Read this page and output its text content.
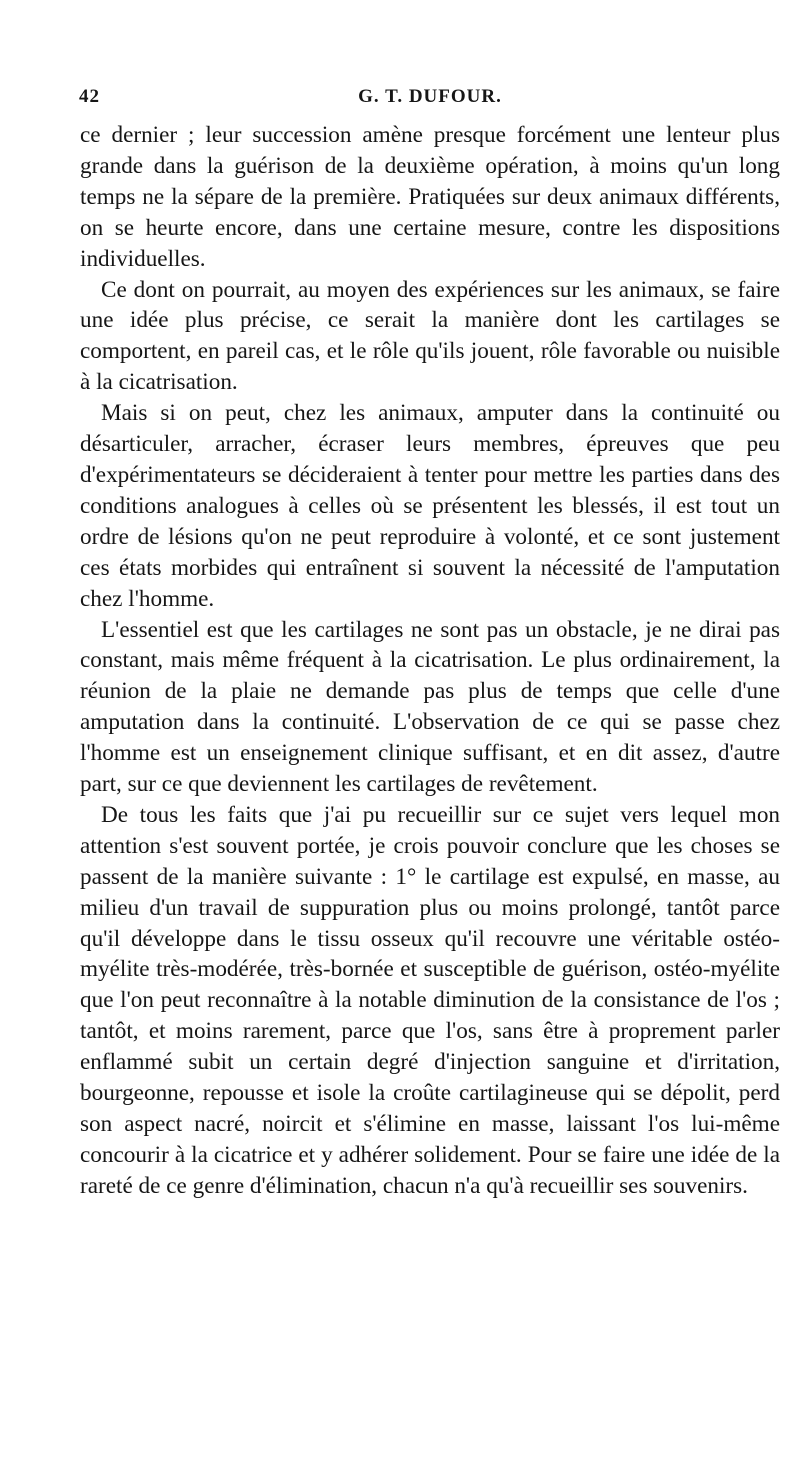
42	G. T. DUFOUR.

ce dernier ; leur succession amène presque forcément une lenteur plus grande dans la guérison de la deuxième opération, à moins qu'un long temps ne la sépare de la première. Pratiquées sur deux animaux différents, on se heurte encore, dans une certaine mesure, contre les dispositions individuelles.

Ce dont on pourrait, au moyen des expériences sur les animaux, se faire une idée plus précise, ce serait la manière dont les cartilages se comportent, en pareil cas, et le rôle qu'ils jouent, rôle favorable ou nuisible à la cicatrisation.

Mais si on peut, chez les animaux, amputer dans la continuité ou désarticuler, arracher, écraser leurs membres, épreuves que peu d'expérimentateurs se décideraient à tenter pour mettre les parties dans des conditions analogues à celles où se présentent les blessés, il est tout un ordre de lésions qu'on ne peut reproduire à volonté, et ce sont justement ces états morbides qui entraînent si souvent la nécessité de l'amputation chez l'homme.

L'essentiel est que les cartilages ne sont pas un obstacle, je ne dirai pas constant, mais même fréquent à la cicatrisation. Le plus ordinairement, la réunion de la plaie ne demande pas plus de temps que celle d'une amputation dans la continuité. L'observation de ce qui se passe chez l'homme est un enseignement clinique suffisant, et en dit assez, d'autre part, sur ce que deviennent les cartilages de revêtement.

De tous les faits que j'ai pu recueillir sur ce sujet vers lequel mon attention s'est souvent portée, je crois pouvoir conclure que les choses se passent de la manière suivante : 1° le cartilage est expulsé, en masse, au milieu d'un travail de suppuration plus ou moins prolongé, tantôt parce qu'il développe dans le tissu osseux qu'il recouvre une véritable ostéo-myélite très-modérée, très-bornée et susceptible de guérison, ostéo-myélite que l'on peut reconnaître à la notable diminution de la consistance de l'os ; tantôt, et moins rarement, parce que l'os, sans être à proprement parler enflammé subit un certain degré d'injection sanguine et d'irritation, bourgeonne, repousse et isole la croûte cartilagineuse qui se dépolit, perd son aspect nacré, noircit et s'élimine en masse, laissant l'os lui-même concourir à la cicatrice et y adhérer solidement. Pour se faire une idée de la rareté de ce genre d'élimination, chacun n'a qu'à recueillir ses souvenirs.
